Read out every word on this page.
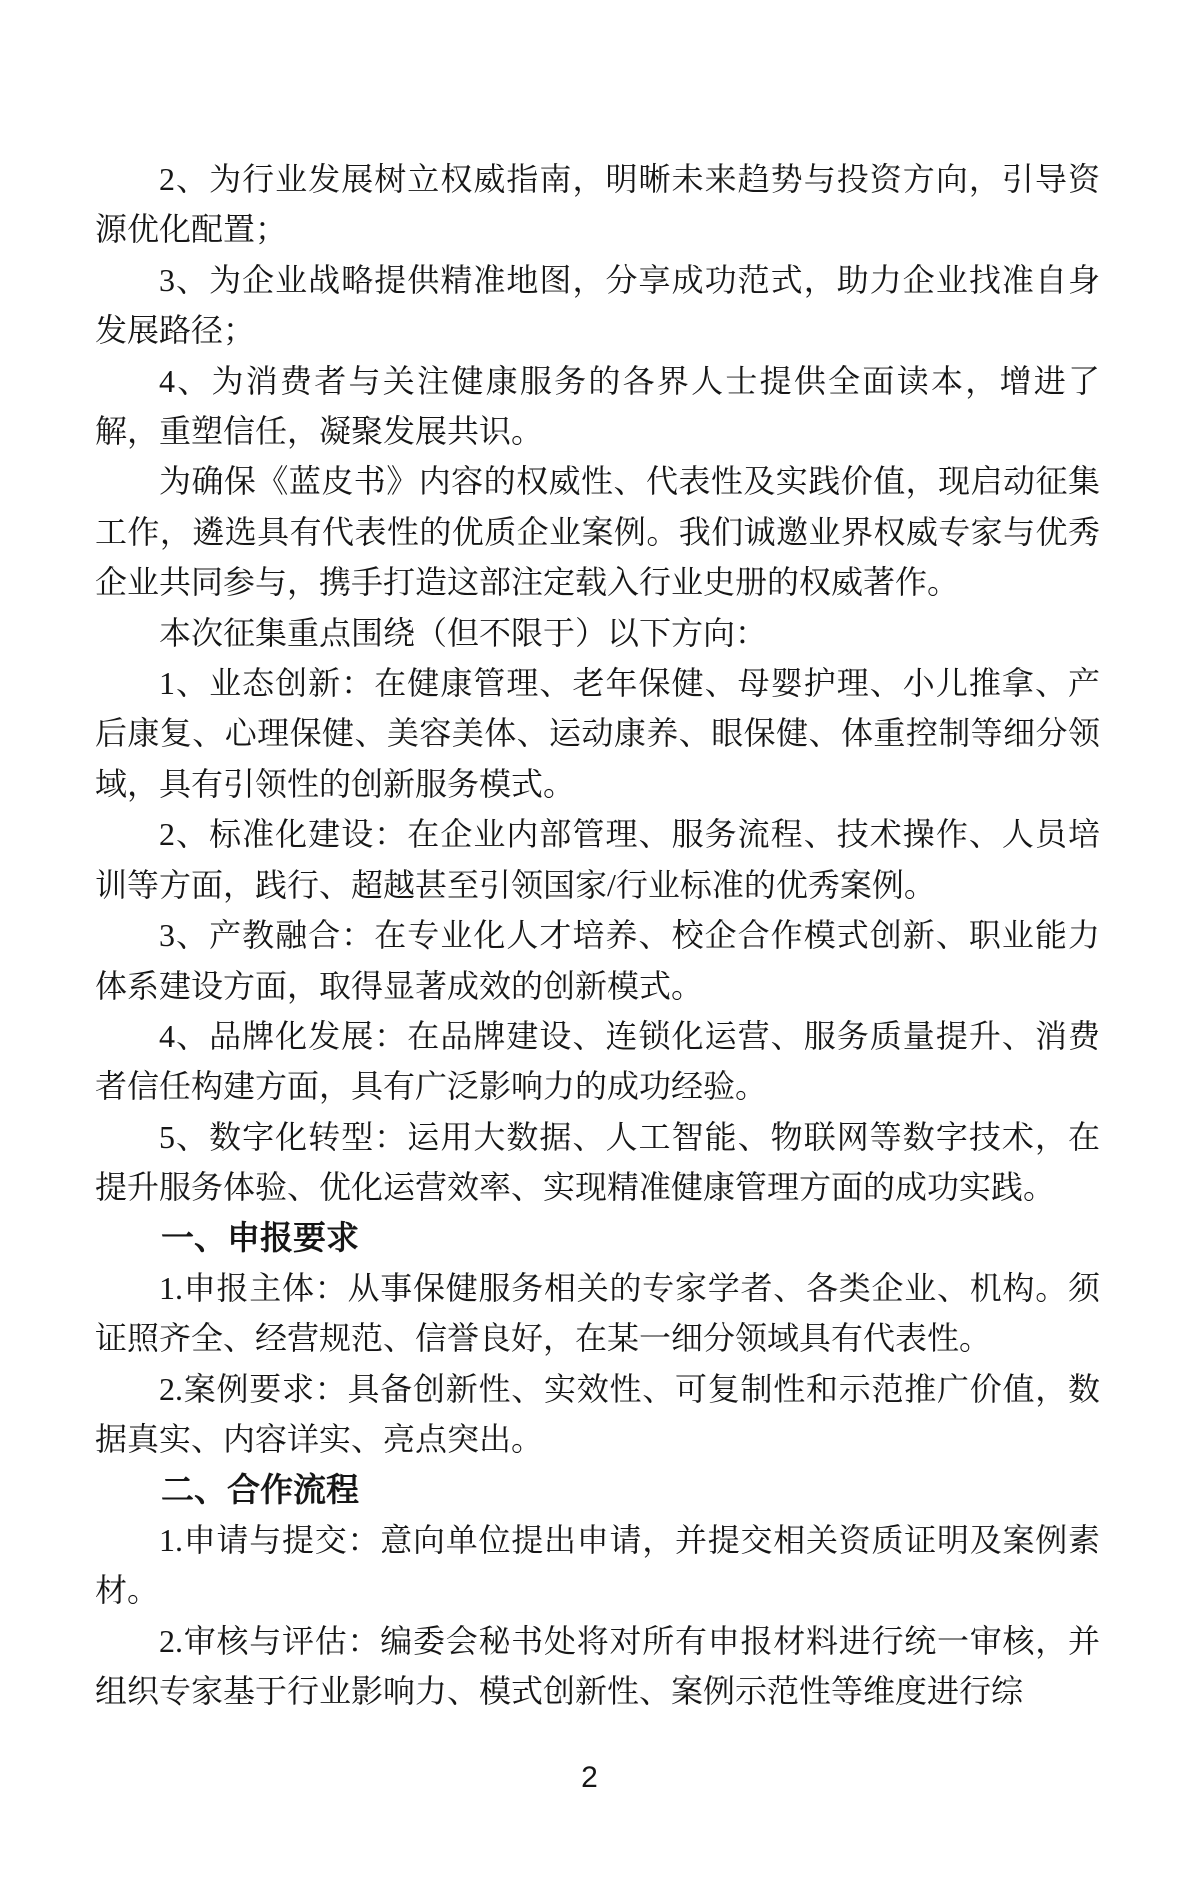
2、为行业发展树立权威指南，明晰未来趋势与投资方向，引导资源优化配置；

3、为企业战略提供精准地图，分享成功范式，助力企业找准自身发展路径；

4、为消费者与关注健康服务的各界人士提供全面读本，增进了解，重塑信任，凝聚发展共识。

为确保《蓝皮书》内容的权威性、代表性及实践价值，现启动征集工作，遴选具有代表性的优质企业案例。我们诚邀业界权威专家与优秀企业共同参与，携手打造这部注定载入行业史册的权威著作。

本次征集重点围绕（但不限于）以下方向：

1、业态创新：在健康管理、老年保健、母婴护理、小儿推拿、产后康复、心理保健、美容美体、运动康养、眼保健、体重控制等细分领域，具有引领性的创新服务模式。

2、标准化建设：在企业内部管理、服务流程、技术操作、人员培训等方面，践行、超越甚至引领国家/行业标准的优秀案例。

3、产教融合：在专业化人才培养、校企合作模式创新、职业能力体系建设方面，取得显著成效的创新模式。

4、品牌化发展：在品牌建设、连锁化运营、服务质量提升、消费者信任构建方面，具有广泛影响力的成功经验。

5、数字化转型：运用大数据、人工智能、物联网等数字技术，在提升服务体验、优化运营效率、实现精准健康管理方面的成功实践。

一、申报要求

1.申报主体：从事保健服务相关的专家学者、各类企业、机构。须证照齐全、经营规范、信誉良好，在某一细分领域具有代表性。

2.案例要求：具备创新性、实效性、可复制性和示范推广价值，数据真实、内容详实、亮点突出。

二、合作流程

1.申请与提交：意向单位提出申请，并提交相关资质证明及案例素材。

2.审核与评估：编委会秘书处将对所有申报材料进行统一审核，并组织专家基于行业影响力、模式创新性、案例示范性等维度进行综

2
